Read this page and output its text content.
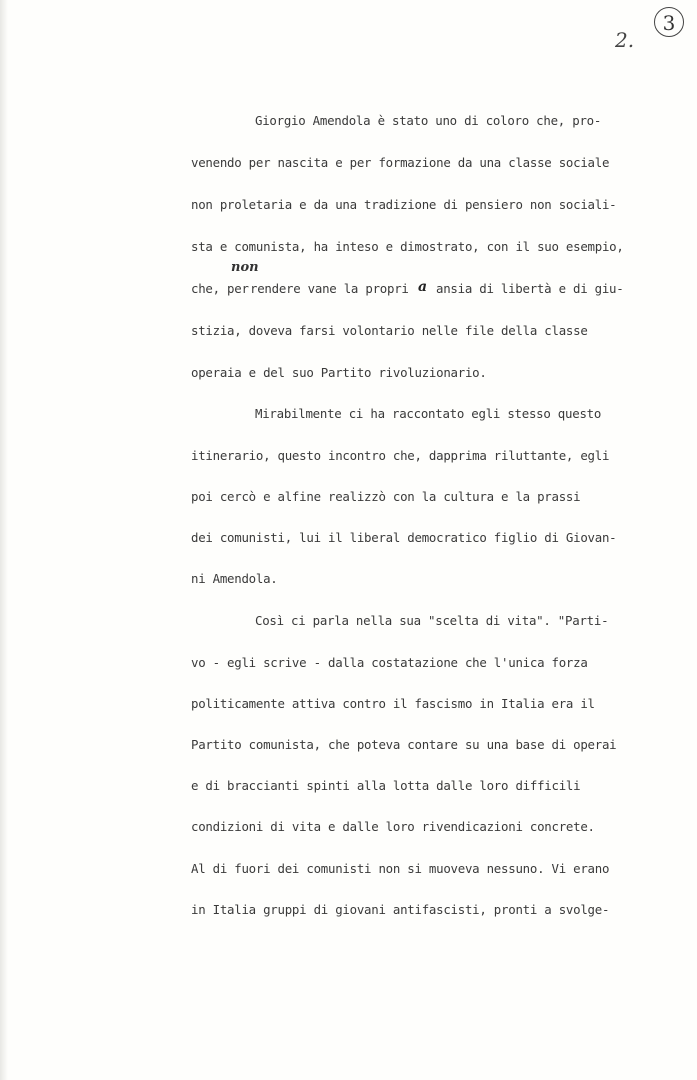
3
2.
Giorgio Amendola è stato uno di coloro che, pro-
venendo per nascita e per formazione da una classe sociale
non proletaria e da una tradizione di pensiero non sociali-
sta e comunista, ha inteso e dimostrato, con il suo esempio,
non
che, per rendere vane la propri a ansia di libertà e di giu-
stizia, doveva farsi volontario nelle file della classe
operaia e del suo Partito rivoluzionario.
Mirabilmente ci ha raccontato egli stesso questo
itinerario, questo incontro che, dapprima riluttante, egli
poi cercò e alfine realizzò con la cultura e la prassi
dei comunisti, lui il liberal democratico figlio di Giovan-
ni Amendola.
Così ci parla nella sua "scelta di vita". "Parti-
vo - egli scrive - dalla costatazione che l'unica forza
politicamente attiva contro il fascismo in Italia era il
Partito comunista, che poteva contare su una base di operai
e di braccianti spinti alla lotta dalle loro difficili
condizioni di vita e dalle loro rivendicazioni concrete.
Al di fuori dei comunisti non si muoveva nessuno. Vi erano
in Italia gruppi di giovani antifascisti, pronti a svolge-
